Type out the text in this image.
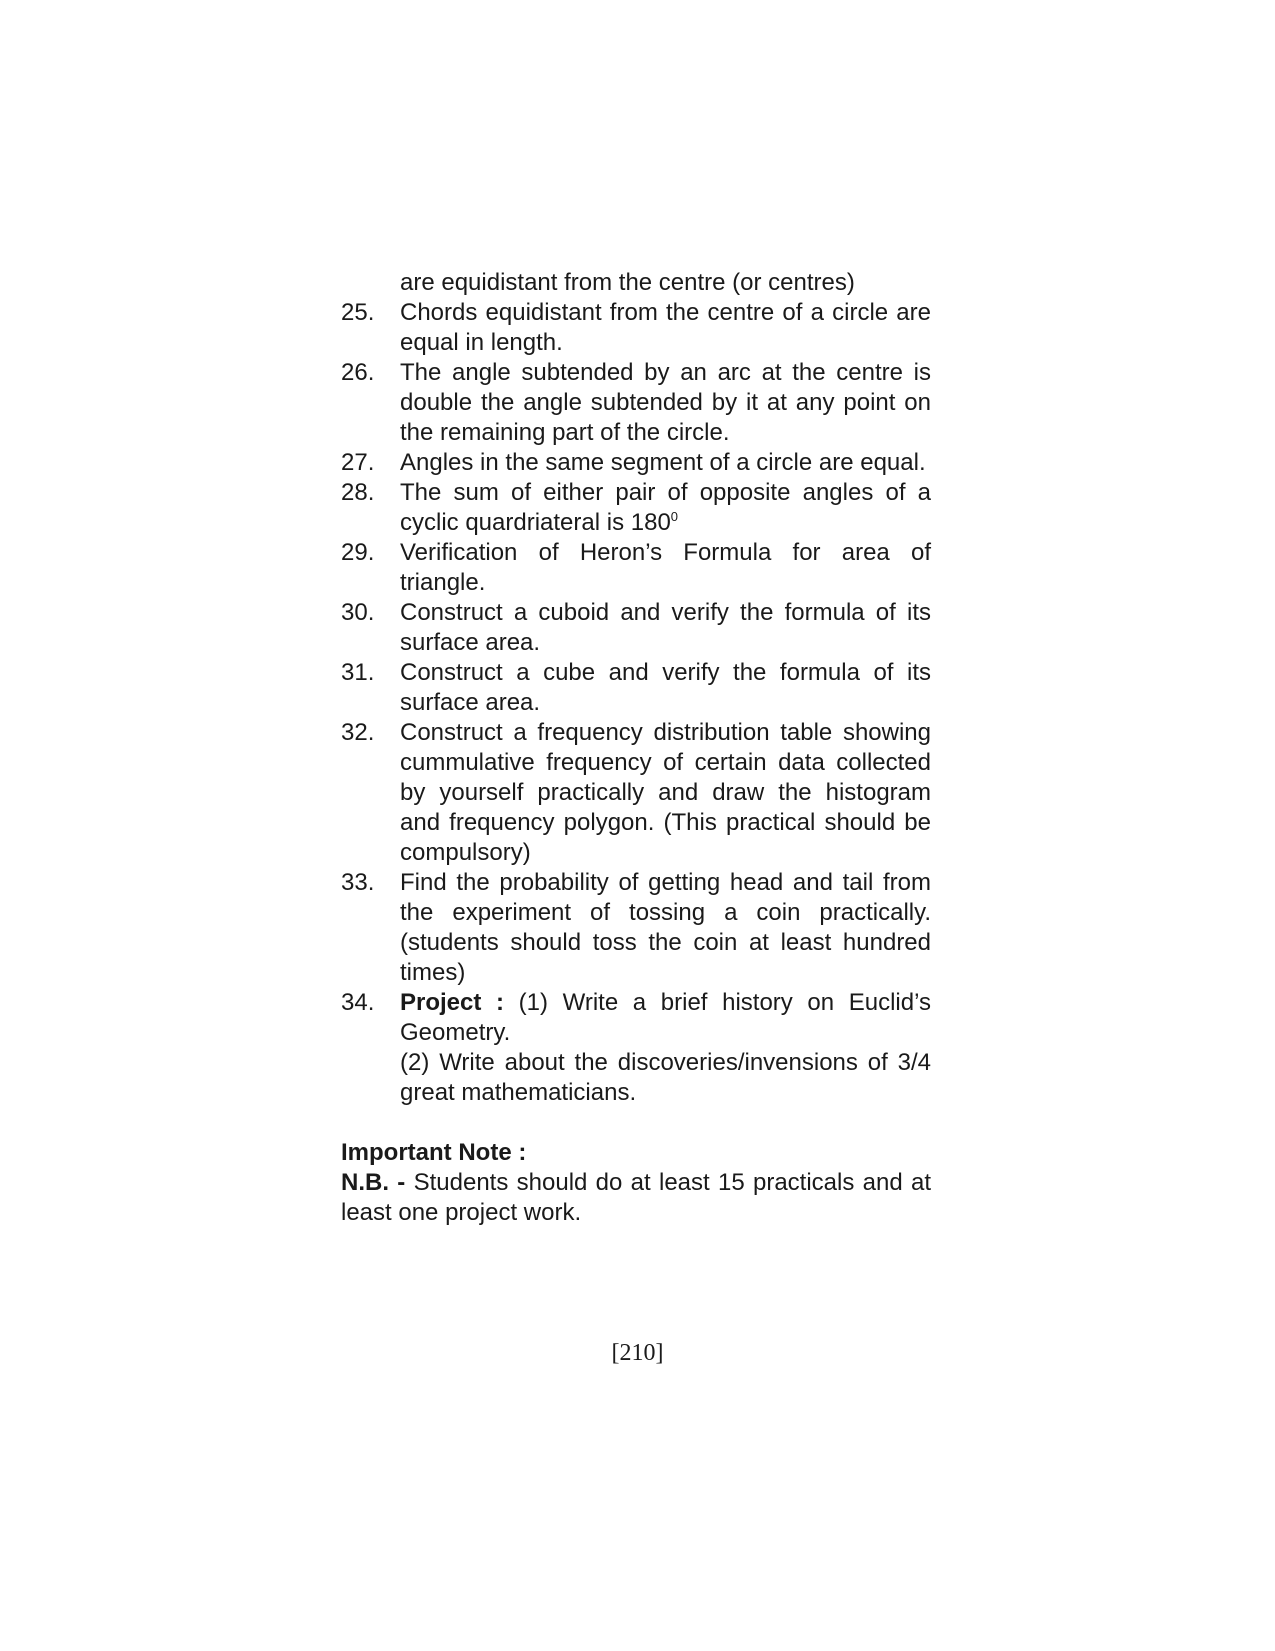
are equidistant from the centre (or centres)
25.	Chords equidistant from the centre of a circle are equal in length.
26.	The angle subtended by an arc at the centre is double the angle subtended by it at any point on the remaining part of the circle.
27.	Angles in the same segment of a circle are equal.
28.	The sum of either pair of opposite angles of a cyclic quardriateral is $180^0$
29.	Verification of Heron’s Formula for area of triangle.
30.	Construct a cuboid and verify the formula of its surface area.
31.	Construct a cube and verify the formula of its surface area.
32.	Construct a frequency distribution table showing cummulative frequency of certain data collected by yourself practically and draw the histogram and frequency polygon. (This practical should be compulsory)
33.	Find the probability of getting head and tail from the experiment of tossing a coin practically. (students should toss the coin at least hundred times)
34.	Project : (1) Write a brief history on Euclid’s Geometry.
(2) Write about the discoveries/invensions of 3/4 great mathematicians.
Important Note :
N.B. - Students should do at least 15 practicals and at least one project work.
[210]
